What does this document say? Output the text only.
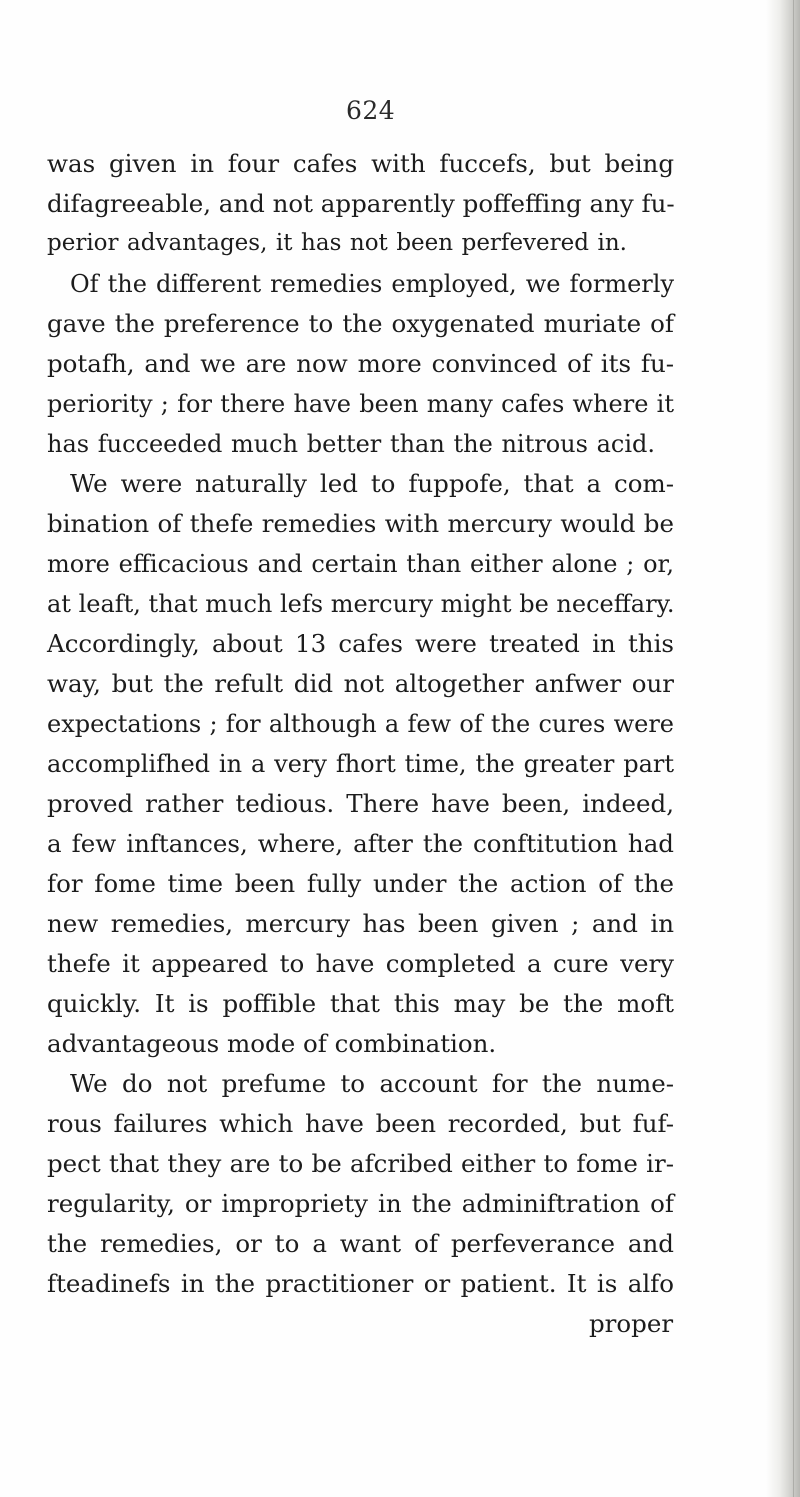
624
was given in four cafes with fuccefs, but being
difagreeable, and not apparently poffeffing any fu-
perior advantages, it has not been perfevered in.
Of the different remedies employed, we formerly
gave the preference to the oxygenated muriate of
potafh, and we are now more convinced of its fu-
periority ; for there have been many cafes where it
has fucceeded much better than the nitrous acid.
We were naturally led to fuppofe, that a com-
bination of thefe remedies with mercury would be
more efficacious and certain than either alone ; or,
at leaft, that much lefs mercury might be neceffary.
Accordingly, about 13 cafes were treated in this
way, but the refult did not altogether anfwer our
expectations ; for although a few of the cures were
accomplifhed in a very fhort time, the greater part
proved rather tedious. There have been, indeed,
a few inftances, where, after the conftitution had
for fome time been fully under the action of the
new remedies, mercury has been given ; and in
thefe it appeared to have completed a cure very
quickly. It is poffible that this may be the moft
advantageous mode of combination.
We do not prefume to account for the nume-
rous failures which have been recorded, but fuf-
pect that they are to be afcribed either to fome ir-
regularity, or impropriety in the adminiftration of
the remedies, or to a want of perfeverance and
fteadinefs in the practitioner or patient. It is alfo
proper
